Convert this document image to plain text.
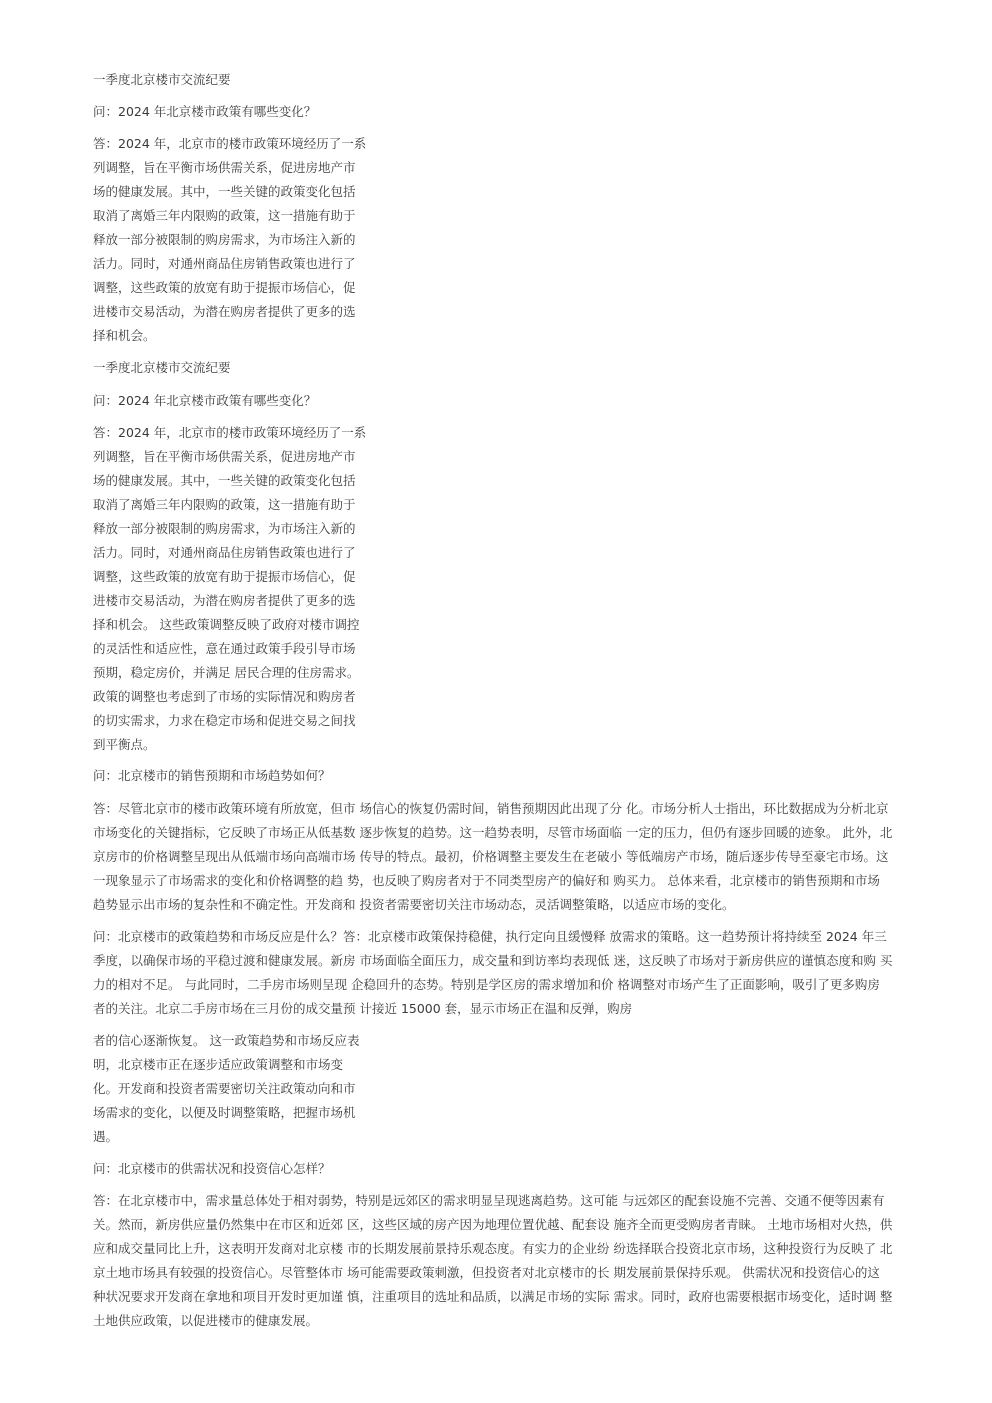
一季度北京楼市交流纪要

问：2024 年北京楼市政策有哪些变化？

答：2024 年，北京市的楼市政策环境经历了一系
列调整，旨在平衡市场供需关系，促进房地产市
场的健康发展。其中，一些关键的政策变化包括
取消了离婚三年内限购的政策，这一措施有助于
释放一部分被限制的购房需求，为市场注入新的
活力。同时，对通州商品住房销售政策也进行了
调整，这些政策的放宽有助于提振市场信心，促
进楼市交易活动，为潜在购房者提供了更多的选
择和机会。

一季度北京楼市交流纪要

问：2024 年北京楼市政策有哪些变化？

答：2024 年，北京市的楼市政策环境经历了一系
列调整，旨在平衡市场供需关系，促进房地产市
场的健康发展。其中，一些关键的政策变化包括
取消了离婚三年内限购的政策，这一措施有助于
释放一部分被限制的购房需求，为市场注入新的
活力。同时，对通州商品住房销售政策也进行了
调整，这些政策的放宽有助于提振市场信心，促
进楼市交易活动，为潜在购房者提供了更多的选
择和机会。 这些政策调整反映了政府对楼市调控
的灵活性和适应性，意在通过政策手段引导市场
预期，稳定房价，并满足 居民合理的住房需求。
政策的调整也考虑到了市场的实际情况和购房者
的切实需求，力求在稳定市场和促进交易之间找
到平衡点。

问：北京楼市的销售预期和市场趋势如何？

答：尽管北京市的楼市政策环境有所放宽，但市 场信心的恢复仍需时间，销售预期因此出现了分 化。市场分析人士指出，环比数据成为分析北京
市场变化的关键指标，它反映了市场正从低基数 逐步恢复的趋势。这一趋势表明，尽管市场面临 一定的压力，但仍有逐步回暖的迹象。 此外，北
京房市的价格调整呈现出从低端市场向高端市场 传导的特点。最初，价格调整主要发生在老破小 等低端房产市场，随后逐步传导至豪宅市场。这
一现象显示了市场需求的变化和价格调整的趋 势，也反映了购房者对于不同类型房产的偏好和 购买力。 总体来看，北京楼市的销售预期和市场
趋势显示出市场的复杂性和不确定性。开发商和 投资者需要密切关注市场动态，灵活调整策略，以适应市场的变化。

问：北京楼市的政策趋势和市场反应是什么？答：北京楼市政策保持稳健，执行定向且缓慢释 放需求的策略。这一趋势预计将持续至 2024 年三
季度，以确保市场的平稳过渡和健康发展。新房 市场面临全面压力，成交量和到访率均表现低 迷，这反映了市场对于新房供应的谨慎态度和购 买
力的相对不足。 与此同时，二手房市场则呈现 企稳回升的态势。特别是学区房的需求增加和价 格调整对市场产生了正面影响，吸引了更多购房
者的关注。北京二手房市场在三月份的成交量预 计接近 15000 套，显示市场正在温和反弹，购房

者的信心逐渐恢复。 这一政策趋势和市场反应表
明，北京楼市正在逐步适应政策调整和市场变
化。开发商和投资者需要密切关注政策动向和市
场需求的变化，以便及时调整策略，把握市场机
遇。

问：北京楼市的供需状况和投资信心怎样？

答：在北京楼市中，需求量总体处于相对弱势，特别是远郊区的需求明显呈现逃离趋势。这可能 与远郊区的配套设施不完善、交通不便等因素有
关。然而，新房供应量仍然集中在市区和近郊 区，这些区域的房产因为地理位置优越、配套设 施齐全而更受购房者青睐。 土地市场相对火热，供
应和成交量同比上升，这表明开发商对北京楼 市的长期发展前景持乐观态度。有实力的企业纷 纷选择联合投资北京市场，这种投资行为反映了 北
京土地市场具有较强的投资信心。尽管整体市 场可能需要政策刺激，但投资者对北京楼市的长 期发展前景保持乐观。 供需状况和投资信心的这
种状况要求开发商在拿地和项目开发时更加谨 慎，注重项目的选址和品质，以满足市场的实际 需求。同时，政府也需要根据市场变化，适时调 整
土地供应政策，以促进楼市的健康发展。
